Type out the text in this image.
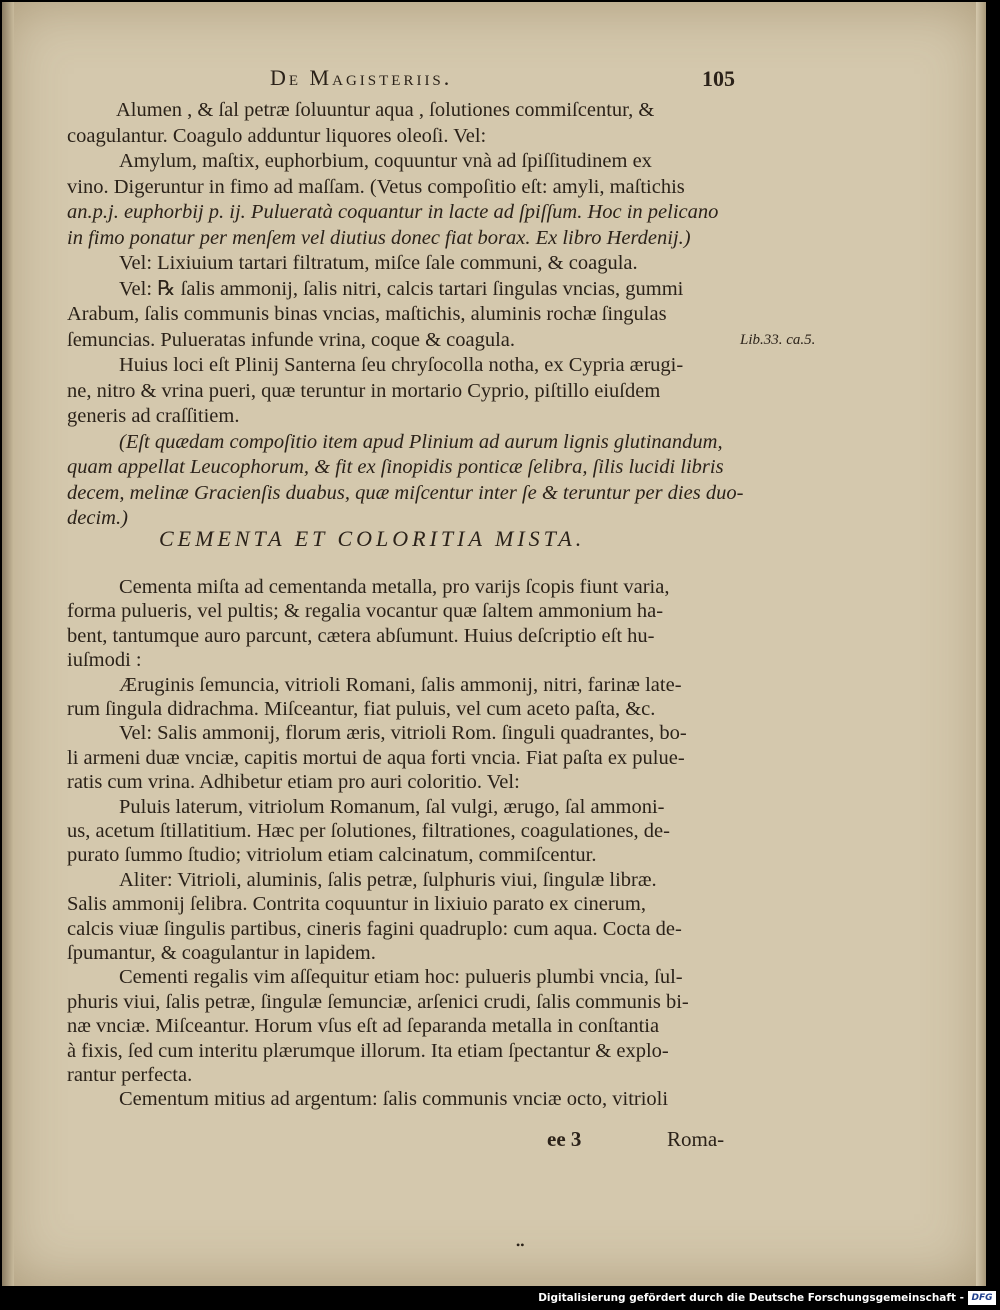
De Magisteriis.	105
Lib.33. ca.5.
Alumen , & ſal petræ ſoluuntur aqua , ſolutiones commiſcentur, &
coagulantur. Coagulo adduntur liquores oleoſi. Vel:
Amylum, maſtix, euphorbium, coquuntur vnà ad ſpiſſitudinem ex
vino. Digeruntur in fimo ad maſſam. (Vetus compoſitio eſt: amyli, maſtichis
an.p.j. euphorbij p. ij. Pulueratà coquantur in lacte ad ſpiſſum. Hoc in pelicano
in fimo ponatur per menſem vel diutius donec fiat borax. Ex libro Herdenij.)
Vel: Lixiuium tartari filtratum, miſce ſale communi, & coagula.
Vel: ℞ ſalis ammonij, ſalis nitri, calcis tartari ſingulas vncias, gummi
Arabum, ſalis communis binas vncias, maſtichis, aluminis rochæ ſingulas
ſemuncias. Pulueratas infunde vrina, coque & coagula.
Huius loci eſt Plinij Santerna ſeu chryſocolla notha, ex Cypria ærugi-
ne, nitro & vrina pueri, quæ teruntur in mortario Cyprio, piſtillo eiuſdem
generis ad craſſitiem.
(Eſt quædam compoſitio item apud Plinium ad aurum lignis glutinandum,
quam appellat Leucophorum, & fit ex ſinopidis ponticæ ſelibra, ſilis lucidi libris
decem, melinæ Gracienſis duabus, quæ miſcentur inter ſe & teruntur per dies duo-
decim.)
CEMENTA ET COLORITIA MISTA.
Cementa miſta ad cementanda metalla, pro varijs ſcopis fiunt varia,
forma pulueris, vel pultis; & regalia vocantur quæ ſaltem ammonium ha-
bent, tantumque auro parcunt, cætera abſumunt. Huius deſcriptio eſt hu-
iuſmodi :
Æruginis ſemuncia, vitrioli Romani, ſalis ammonij, nitri, farinæ late-
rum ſingula didrachma. Miſceantur, fiat puluis, vel cum aceto paſta, &c.
Vel: Salis ammonij, florum æris, vitrioli Rom. ſinguli quadrantes, bo-
li armeni duæ vnciæ, capitis mortui de aqua forti vncia. Fiat paſta ex pulue-
ratis cum vrina. Adhibetur etiam pro auri coloritio. Vel:
Puluis laterum, vitriolum Romanum, ſal vulgi, ærugo, ſal ammoni-
us, acetum ſtillatitium. Hæc per ſolutiones, filtrationes, coagulationes, de-
purato ſummo ſtudio; vitriolum etiam calcinatum, commiſcentur.
Aliter: Vitrioli, aluminis, ſalis petræ, ſulphuris viui, ſingulæ libræ.
Salis ammonij ſelibra. Contrita coquuntur in lixiuio parato ex cinerum,
calcis viuæ ſingulis partibus, cineris fagini quadruplo: cum aqua. Cocta de-
ſpumantur, & coagulantur in lapidem.
Cementi regalis vim aſſequitur etiam hoc: pulueris plumbi vncia, ſul-
phuris viui, ſalis petræ, ſingulæ ſemunciæ, arſenici crudi, ſalis communis bi-
næ vnciæ. Miſceantur. Horum vſus eſt ad ſeparanda metalla in conſtantia
à fixis, ſed cum interitu plærumque illorum. Ita etiam ſpectantur & explo-
rantur perfecta.
Cementum mitius ad argentum: ſalis communis vnciæ octo, vitrioli
ee 3	Roma-
••
Digitalisierung gefördert durch die Deutsche Forschungsgemeinschaft - DFG
